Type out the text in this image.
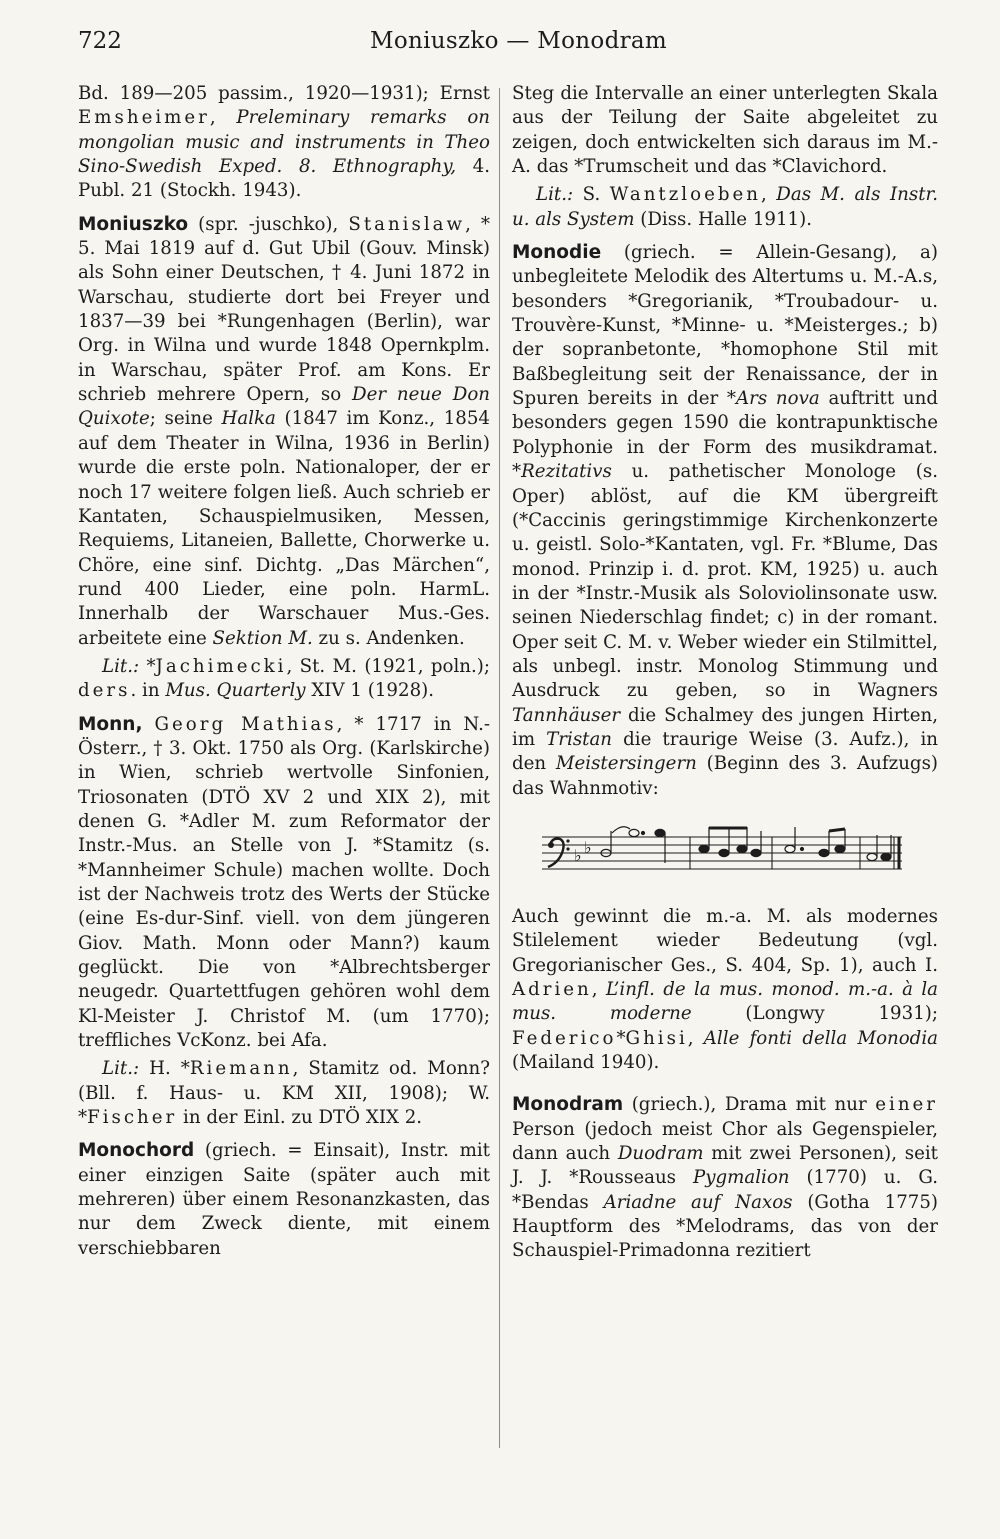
722	Moniuszko — Monodram

Bd. 189—205 passim., 1920—1931); Ernst Emsheimer, Preleminary remarks on mongolian music and instruments in Theo Sino-Swedish Exped. 8. Ethnography, 4. Publ. 21 (Stockh. 1943).

Moniuszko (spr. -juschko), Stanislaw, * 5. Mai 1819 auf d. Gut Ubil (Gouv. Minsk) als Sohn einer Deutschen, † 4. Juni 1872 in Warschau, studierte dort bei Freyer und 1837—39 bei *Rungenhagen (Berlin), war Org. in Wilna und wurde 1848 Opernkplm. in Warschau, später Prof. am Kons. Er schrieb mehrere Opern, so Der neue Don Quixote; seine Halka (1847 im Konz., 1854 auf dem Theater in Wilna, 1936 in Berlin) wurde die erste poln. Nationaloper, der er noch 17 weitere folgen ließ. Auch schrieb er Kantaten, Schauspielmusiken, Messen, Requiems, Litaneien, Ballette, Chorwerke u. Chöre, eine sinf. Dichtg. „Das Märchen“, rund 400 Lieder, eine poln. HarmL. Innerhalb der Warschauer Mus.-Ges. arbeitete eine Sektion M. zu s. Andenken.

Lit.: *Jachimecki, St. M. (1921, poln.); ders. in Mus. Quarterly XIV 1 (1928).

Monn, Georg Mathias, * 1717 in N.-Österr., † 3. Okt. 1750 als Org. (Karlskirche) in Wien, schrieb wertvolle Sinfonien, Triosonaten (DTÖ XV 2 und XIX 2), mit denen G. *Adler M. zum Reformator der Instr.-Mus. an Stelle von J. *Stamitz (s. *Mannheimer Schule) machen wollte. Doch ist der Nachweis trotz des Werts der Stücke (eine Es-dur-Sinf. viell. von dem jüngeren Giov. Math. Monn oder Mann?) kaum geglückt. Die von *Albrechtsberger neugedr. Quartettfugen gehören wohl dem Kl-Meister J. Christof M. (um 1770); treffliches VcKonz. bei Afa.

Lit.: H. *Riemann, Stamitz od. Monn? (Bll. f. Haus- u. KM XII, 1908); W. *Fischer in der Einl. zu DTÖ XIX 2.

Monochord (griech. = Einsait), Instr. mit einer einzigen Saite (später auch mit mehreren) über einem Resonanzkasten, das nur dem Zweck diente, mit einem verschiebbaren

Steg die Intervalle an einer unterlegten Skala aus der Teilung der Saite abgeleitet zu zeigen, doch entwickelten sich daraus im M.-A. das *Trumscheit und das *Clavichord.

Lit.: S. Wantzloeben, Das M. als Instr. u. als System (Diss. Halle 1911).

Monodie (griech. = Allein-Gesang), a) unbegleitete Melodik des Altertums u. M.-A.s, besonders *Gregorianik, *Troubadour- u. Trouvère-Kunst, *Minne- u. *Meisterges.; b) der sopranbetonte, *homophone Stil mit Baßbegleitung seit der Renaissance, der in Spuren bereits in der *Ars nova auftritt und besonders gegen 1590 die kontrapunktische Polyphonie in der Form des musikdramat. *Rezitativs u. pathetischer Monologe (s. Oper) ablöst, auf die KM übergreift (*Caccinis geringstimmige Kirchenkonzerte u. geistl. Solo-*Kantaten, vgl. Fr. *Blume, Das monod. Prinzip i. d. prot. KM, 1925) u. auch in der *Instr.-Musik als Soloviolinsonate usw. seinen Niederschlag findet; c) in der romant. Oper seit C. M. v. Weber wieder ein Stilmittel, als unbegl. instr. Monolog Stimmung und Ausdruck zu geben, so in Wagners Tannhäuser die Schalmey des jungen Hirten, im Tristan die traurige Weise (3. Aufz.), in den Meistersingern (Beginn des 3. Aufzugs) das Wahnmotiv:

♭ ♭

Auch gewinnt die m.-a. M. als modernes Stilelement wieder Bedeutung (vgl. Gregorianischer Ges., S. 404, Sp. 1), auch I. Adrien, L’infl. de la mus. monod. m.-a. à la mus. moderne (Longwy 1931); Federico*Ghisi, Alle fonti della Monodia (Mailand 1940).

Monodram (griech.), Drama mit nur einer Person (jedoch meist Chor als Gegenspieler, dann auch Duodram mit zwei Personen), seit J. J. *Rousseaus Pygmalion (1770) u. G. *Bendas Ariadne auf Naxos (Gotha 1775) Hauptform des *Melodrams, das von der Schauspiel-Primadonna rezitiert
